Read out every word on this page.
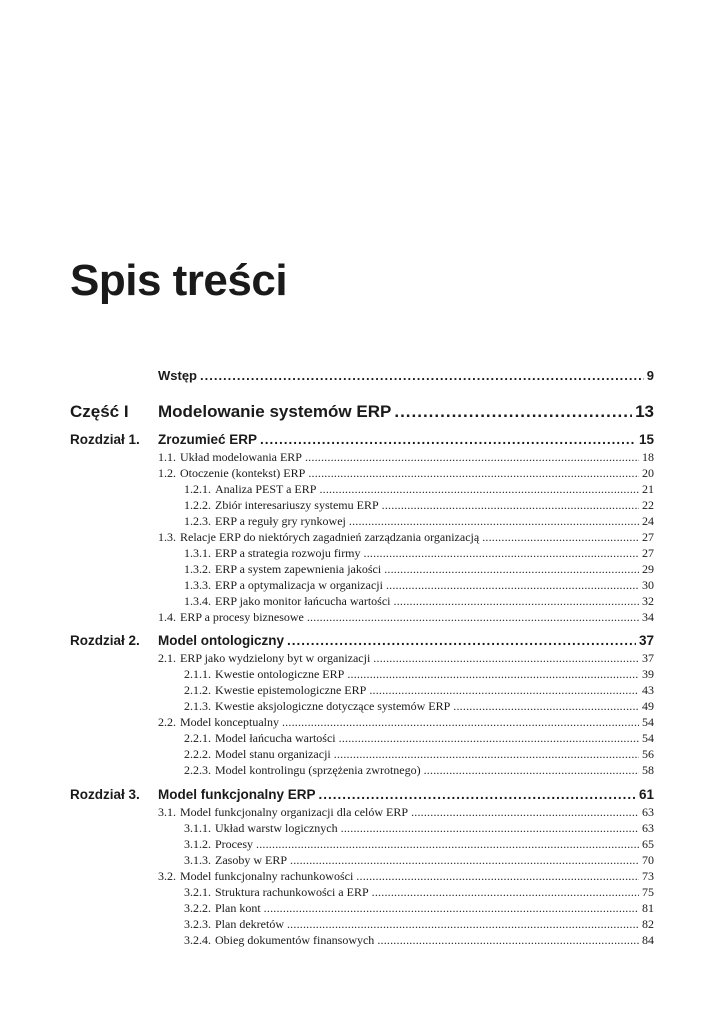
Spis treści
Wstęp .....	9
Część I Modelowanie systemów ERP .....	13
Rozdział 1. Zrozumieć ERP .....	15
1.1. Układ modelowania ERP .....	18
1.2. Otoczenie (kontekst) ERP .....	20
1.2.1. Analiza PEST a ERP .....	21
1.2.2. Zbiór interesariuszy systemu ERP .....	22
1.2.3. ERP a reguły gry rynkowej .....	24
1.3. Relacje ERP do niektórych zagadnień zarządzania organizacją .....	27
1.3.1. ERP a strategia rozwoju firmy .....	27
1.3.2. ERP a system zapewnienia jakości .....	29
1.3.3. ERP a optymalizacja w organizacji .....	30
1.3.4. ERP jako monitor łańcucha wartości .....	32
1.4. ERP a procesy biznesowe .....	34
Rozdział 2. Model ontologiczny .....	37
2.1. ERP jako wydzielony byt w organizacji .....	37
2.1.1. Kwestie ontologiczne ERP .....	39
2.1.2. Kwestie epistemologiczne ERP .....	43
2.1.3. Kwestie aksjologiczne dotyczące systemów ERP .....	49
2.2. Model konceptualny .....	54
2.2.1. Model łańcucha wartości .....	54
2.2.2. Model stanu organizacji .....	56
2.2.3. Model kontrolingu (sprzężenia zwrotnego) .....	58
Rozdział 3. Model funkcjonalny ERP .....	61
3.1. Model funkcjonalny organizacji dla celów ERP .....	63
3.1.1. Układ warstw logicznych .....	63
3.1.2. Procesy .....	65
3.1.3. Zasoby w ERP .....	70
3.2. Model funkcjonalny rachunkowości .....	73
3.2.1. Struktura rachunkowości a ERP .....	75
3.2.2. Plan kont .....	81
3.2.3. Plan dekretów .....	82
3.2.4. Obieg dokumentów finansowych .....	84
